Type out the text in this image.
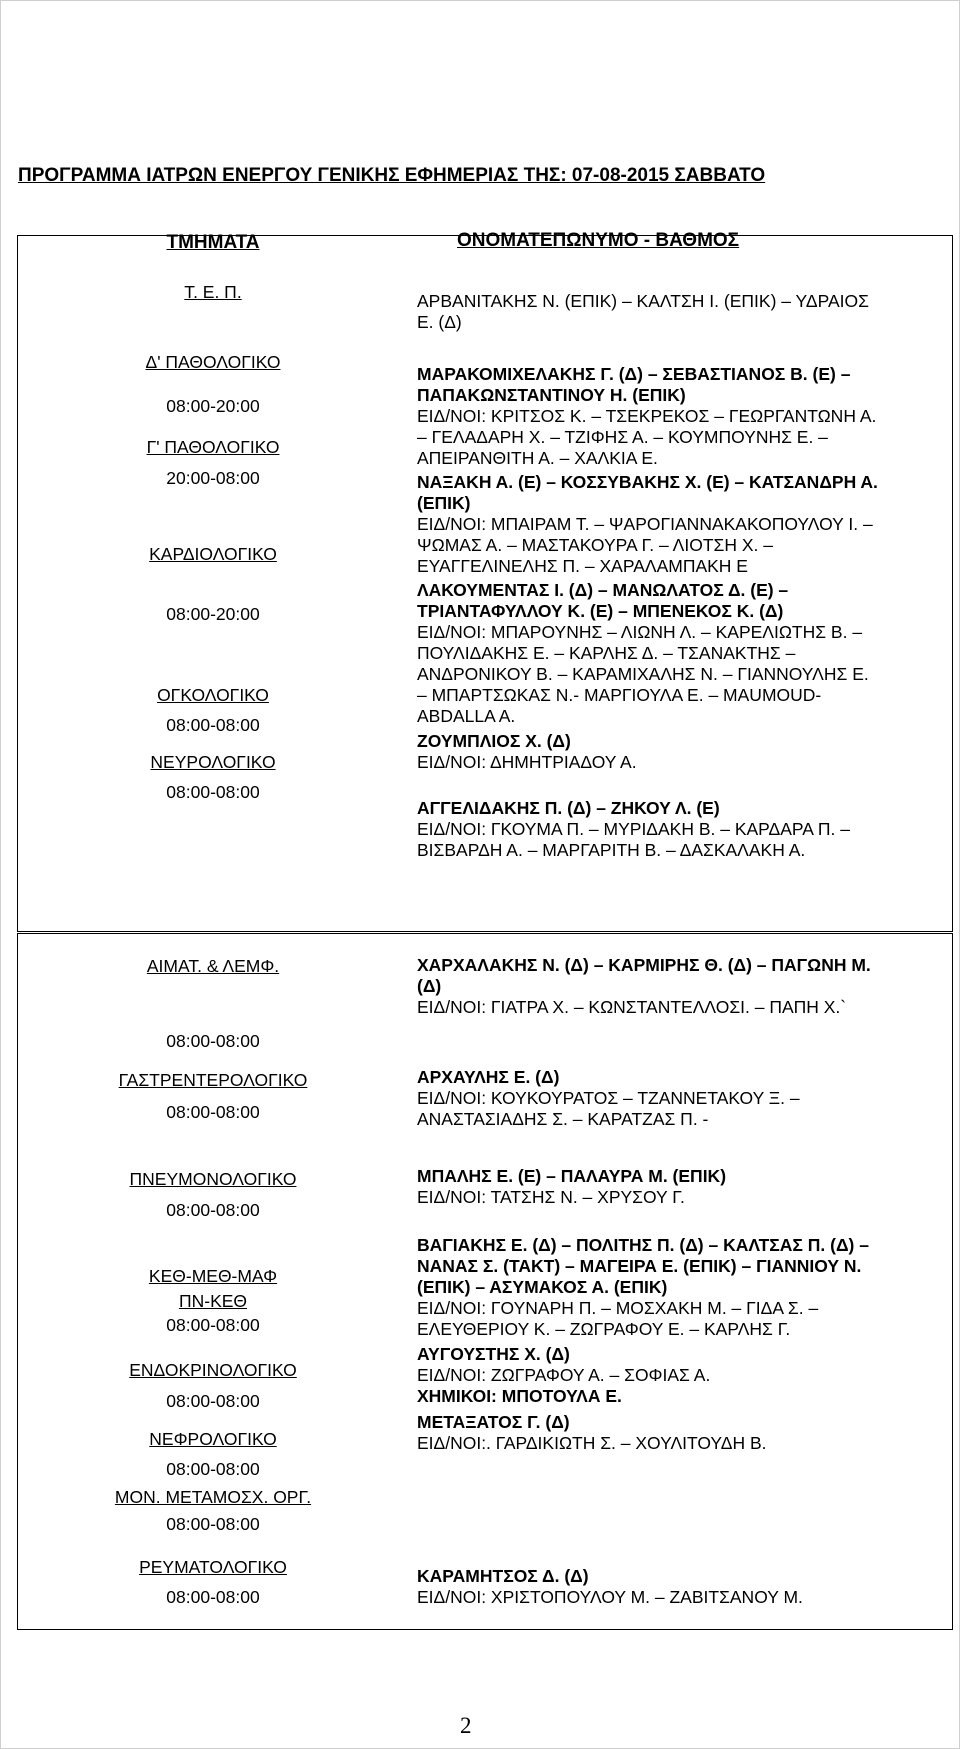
ΠΡΟΓΡΑΜΜΑ ΙΑΤΡΩΝ ΕΝΕΡΓΟΥ ΓΕΝΙΚΗΣ ΕΦΗΜΕΡΙΑΣ ΤΗΣ: 07-08-2015 ΣΑΒΒΑΤΟ
ΤΜΗΜΑΤΑ	ΟΝΟΜΑΤΕΠΩΝΥΜΟ - ΒΑΘΜΟΣ
Τ. Ε. Π.
Δ' ΠΑΘΟΛΟΓΙΚΟ
08:00-20:00
Γ' ΠΑΘΟΛΟΓΙΚΟ
20:00-08:00
ΚΑΡΔΙΟΛΟΓΙΚΟ
08:00-20:00
ΟΓΚΟΛΟΓΙΚΟ
08:00-08:00
ΝΕΥΡΟΛΟΓΙΚΟ
08:00-08:00
ΑΡΒΑΝΙΤΑΚΗΣ Ν. (ΕΠΙΚ) – ΚΑΛΤΣΗ Ι. (ΕΠΙΚ) – ΥΔΡΑΙΟΣ
Ε. (Δ)
ΜΑΡΑΚΟΜΙΧΕΛΑΚΗΣ Γ. (Δ) – ΣΕΒΑΣΤΙΑΝΟΣ Β. (Ε) –
ΠΑΠΑΚΩΝΣΤΑΝΤΙΝΟΥ Η. (ΕΠΙΚ)
ΕΙΔ/ΝΟΙ: ΚΡΙΤΣΟΣ Κ. – ΤΣΕΚΡΕΚΟΣ – ΓΕΩΡΓΑΝΤΩΝΗ Α.
– ΓΕΛΑΔΑΡΗ Χ. – ΤΖΙΦΗΣ Α. – ΚΟΥΜΠΟΥΝΗΣ Ε. –
ΑΠΕΙΡΑΝΘΙΤΗ Α. – ΧΑΛΚΙΑ Ε.
ΝΑΞΑΚΗ Α. (Ε) – ΚΟΣΣΥΒΑΚΗΣ Χ. (Ε) – ΚΑΤΣΑΝΔΡΗ Α.
(ΕΠΙΚ)
ΕΙΔ/ΝΟΙ: ΜΠΑΙΡΑΜ Τ. – ΨΑΡΟΓΙΑΝΝΑΚΑΚΟΠΟΥΛΟΥ Ι. –
ΨΩΜΑΣ Α. – ΜΑΣΤΑΚΟΥΡΑ Γ. – ΛΙΟΤΣΗ Χ. –
ΕΥΑΓΓΕΛΙΝΕΛΗΣ Π. – ΧΑΡΑΛΑΜΠΑΚΗ Ε
ΛΑΚΟΥΜΕΝΤΑΣ Ι. (Δ) – ΜΑΝΩΛΑΤΟΣ Δ. (Ε) –
ΤΡΙΑΝΤΑΦΥΛΛΟΥ Κ. (Ε) – ΜΠΕΝΕΚΟΣ Κ. (Δ)
ΕΙΔ/ΝΟΙ: ΜΠΑΡΟΥΝΗΣ – ΛΙΩΝΗ Λ. – ΚΑΡΕΛΙΩΤΗΣ Β. –
ΠΟΥΛΙΔΑΚΗΣ Ε. – ΚΑΡΛΗΣ Δ. – ΤΣΑΝΑΚΤΗΣ –
ΑΝΔΡΟΝΙΚΟΥ Β. – ΚΑΡΑΜΙΧΑΛΗΣ Ν. – ΓΙΑΝΝΟΥΛΗΣ Ε.
– ΜΠΑΡΤΣΩΚΑΣ Ν.- ΜΑΡΓΙΟΥΛΑ Ε. – MAUMOUD-
ABDALLA A.
ΖΟΥΜΠΛΙΟΣ Χ. (Δ)
ΕΙΔ/ΝΟΙ: ΔΗΜΗΤΡΙΑΔΟΥ Α.
ΑΓΓΕΛΙΔΑΚΗΣ Π. (Δ) – ΖΗΚΟΥ Λ. (Ε)
ΕΙΔ/ΝΟΙ: ΓΚΟΥΜΑ Π. – ΜΥΡΙΔΑΚΗ Β. – ΚΑΡΔΑΡΑ Π. –
ΒΙΣΒΑΡΔΗ Α. – ΜΑΡΓΑΡΙΤΗ Β. – ΔΑΣΚΑΛΑΚΗ Α.
ΑΙΜΑΤ. & ΛΕΜΦ.
08:00-08:00
ΓΑΣΤΡΕΝΤΕΡΟΛΟΓΙΚΟ
08:00-08:00
ΠΝΕΥΜΟΝΟΛΟΓΙΚΟ
08:00-08:00
ΚΕΘ-ΜΕΘ-ΜΑΦ
ΠΝ-ΚΕΘ
08:00-08:00
ΕΝΔΟΚΡΙΝΟΛΟΓΙΚΟ
08:00-08:00
ΝΕΦΡΟΛΟΓΙΚΟ
08:00-08:00
ΜΟΝ. ΜΕΤΑΜΟΣΧ. ΟΡΓ.
08:00-08:00
ΡΕΥΜΑΤΟΛΟΓΙΚΟ
08:00-08:00
ΧΑΡΧΑΛΑΚΗΣ Ν. (Δ) – ΚΑΡΜΙΡΗΣ Θ. (Δ) – ΠΑΓΩΝΗ Μ.
(Δ)
ΕΙΔ/ΝΟΙ: ΓΙΑΤΡΑ Χ. – ΚΩΝΣΤΑΝΤΕΛΛΟΣΙ. – ΠΑΠΗ Χ.`
ΑΡΧΑΥΛΗΣ Ε. (Δ)
ΕΙΔ/ΝΟΙ: ΚΟΥΚΟΥΡΑΤΟΣ – ΤΖΑΝΝΕΤΑΚΟΥ Ξ. –
ΑΝΑΣΤΑΣΙΑΔΗΣ Σ. – ΚΑΡΑΤΖΑΣ Π. -
ΜΠΑΛΗΣ Ε. (Ε) – ΠΑΛΑΥΡΑ Μ. (ΕΠΙΚ)
ΕΙΔ/ΝΟΙ: ΤΑΤΣΗΣ Ν. – ΧΡΥΣΟΥ Γ.
ΒΑΓΙΑΚΗΣ Ε. (Δ) – ΠΟΛΙΤΗΣ Π. (Δ) – ΚΑΛΤΣΑΣ Π. (Δ) –
ΝΑΝΑΣ Σ. (ΤΑΚΤ) – ΜΑΓΕΙΡΑ Ε. (ΕΠΙΚ) – ΓΙΑΝΝΙΟΥ Ν.
(ΕΠΙΚ) – ΑΣΥΜΑΚΟΣ Α. (ΕΠΙΚ)
ΕΙΔ/ΝΟΙ: ΓΟΥΝΑΡΗ Π. – ΜΟΣΧΑΚΗ Μ. – ΓΙΔΑ Σ. –
ΕΛΕΥΘΕΡΙΟΥ Κ. – ΖΩΓΡΑΦΟΥ Ε. – ΚΑΡΛΗΣ Γ.
ΑΥΓΟΥΣΤΗΣ Χ. (Δ)
ΕΙΔ/ΝΟΙ: ΖΩΓΡΑΦΟΥ Α. – ΣΟΦΙΑΣ Α.
ΧΗΜΙΚΟΙ: ΜΠΟΤΟΥΛΑ Ε.
ΜΕΤΑΞΑΤΟΣ Γ. (Δ)
ΕΙΔ/ΝΟΙ:. ΓΑΡΔΙΚΙΩΤΗ Σ. – ΧΟΥΛΙΤΟΥΔΗ Β.
ΚΑΡΑΜΗΤΣΟΣ Δ. (Δ)
ΕΙΔ/ΝΟΙ: ΧΡΙΣΤΟΠΟΥΛΟΥ Μ. – ΖΑΒΙΤΣΑΝΟΥ Μ.
2
